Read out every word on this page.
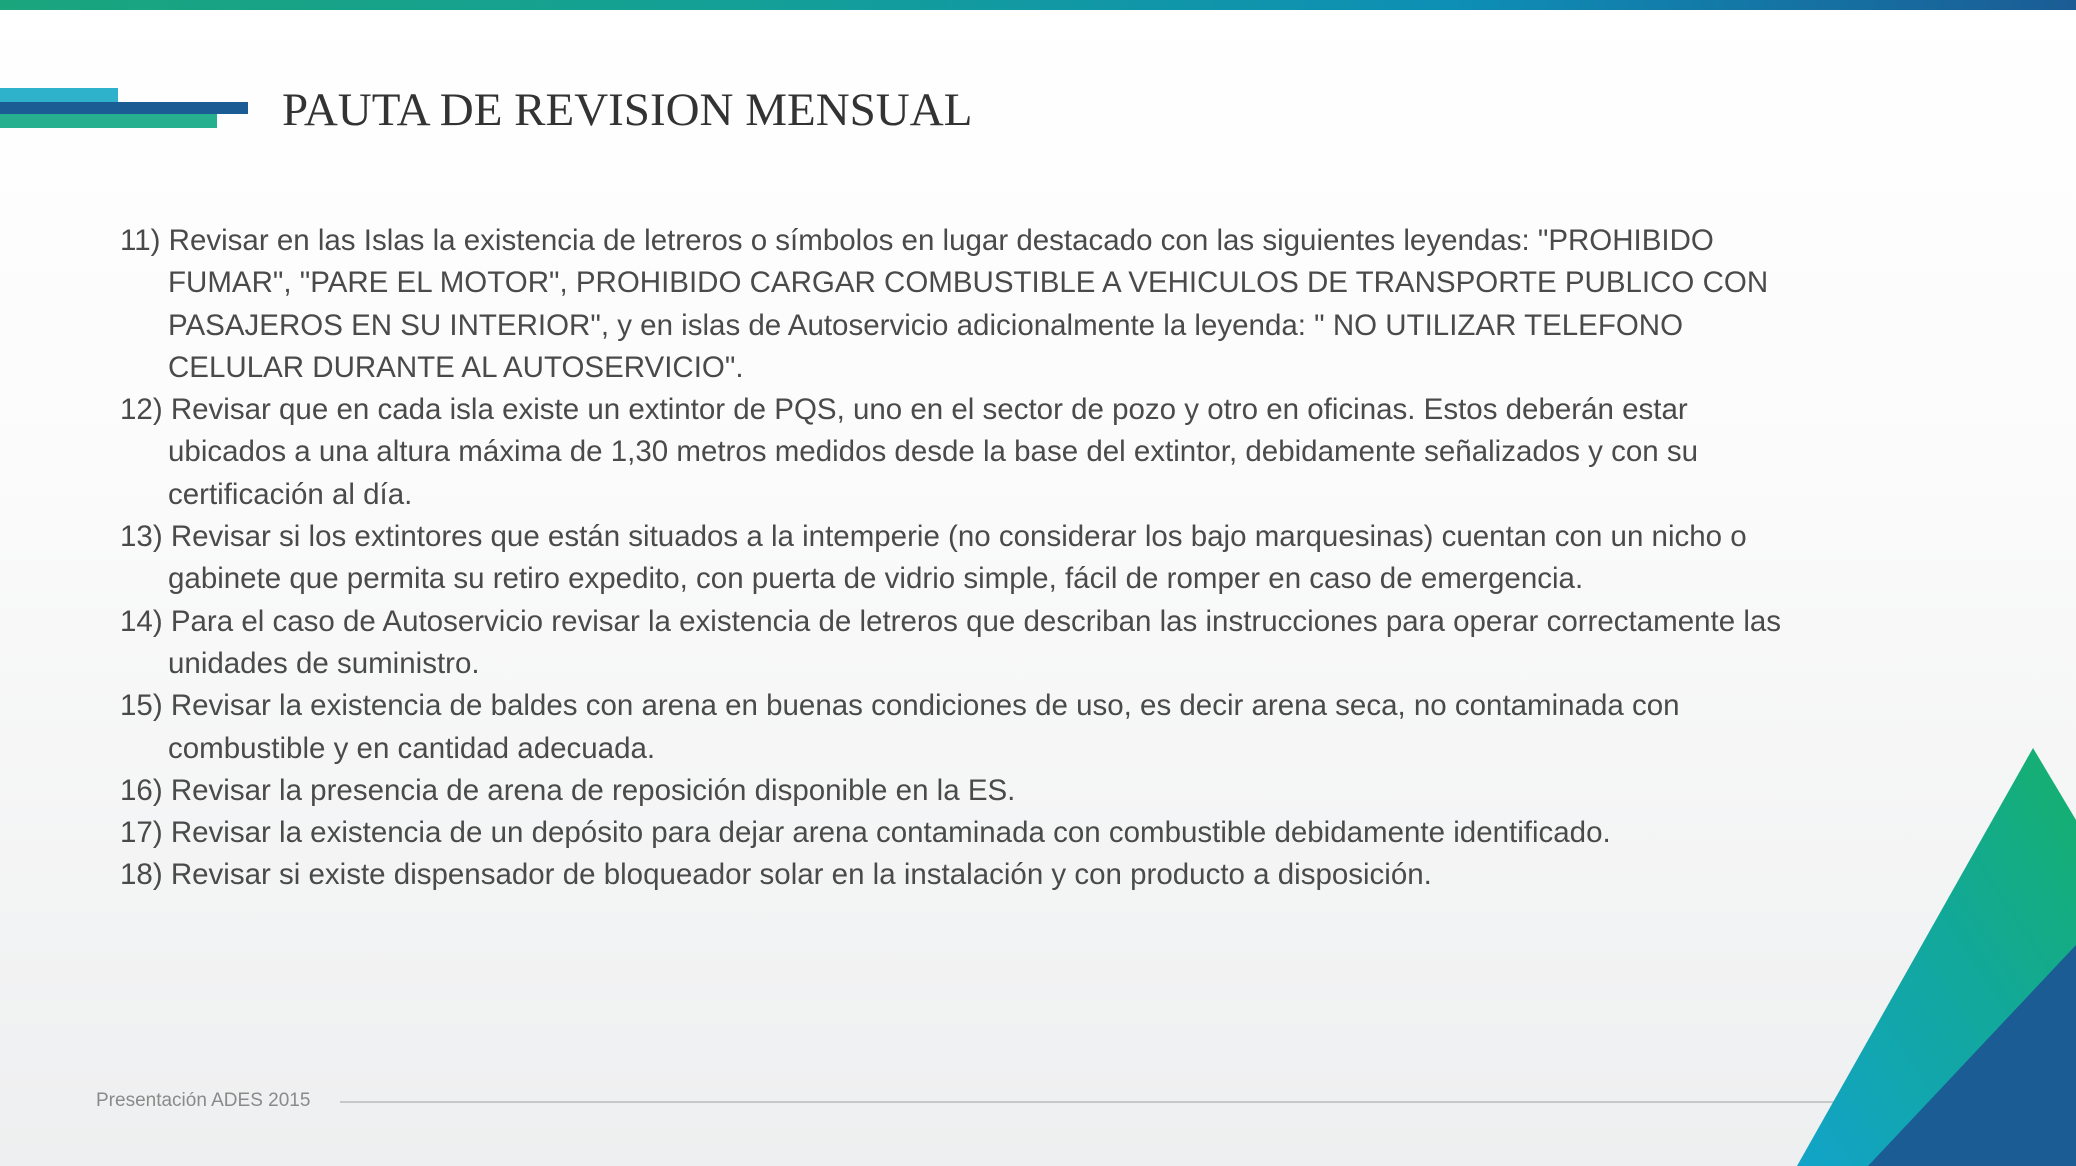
PAUTA DE REVISION MENSUAL
11) Revisar en las Islas la existencia de letreros o símbolos en lugar destacado con las siguientes leyendas: "PROHIBIDO FUMAR", "PARE EL MOTOR", PROHIBIDO CARGAR COMBUSTIBLE A VEHICULOS DE TRANSPORTE PUBLICO CON PASAJEROS EN SU INTERIOR", y en islas de Autoservicio adicionalmente la leyenda: " NO UTILIZAR TELEFONO CELULAR DURANTE AL AUTOSERVICIO".
12) Revisar que en cada isla existe un extintor de PQS, uno en el sector de pozo y otro en oficinas. Estos deberán estar ubicados a una altura máxima de 1,30 metros medidos desde la base del extintor, debidamente señalizados y con su certificación al día.
13) Revisar si los extintores que están situados a la intemperie (no considerar los bajo marquesinas) cuentan con un nicho o gabinete que permita su retiro expedito, con puerta de vidrio simple, fácil de romper en caso de emergencia.
14) Para el caso de Autoservicio revisar la existencia de letreros que describan las instrucciones para operar correctamente las unidades de suministro.
15) Revisar la existencia de baldes con arena en buenas condiciones de uso, es decir arena seca, no contaminada con combustible y en cantidad adecuada.
16) Revisar la presencia de arena de reposición disponible en la ES.
17) Revisar la existencia de un depósito para dejar arena contaminada con combustible debidamente identificado.
18) Revisar si existe dispensador de bloqueador solar en la instalación y con producto a disposición.
Presentación ADES 2015
